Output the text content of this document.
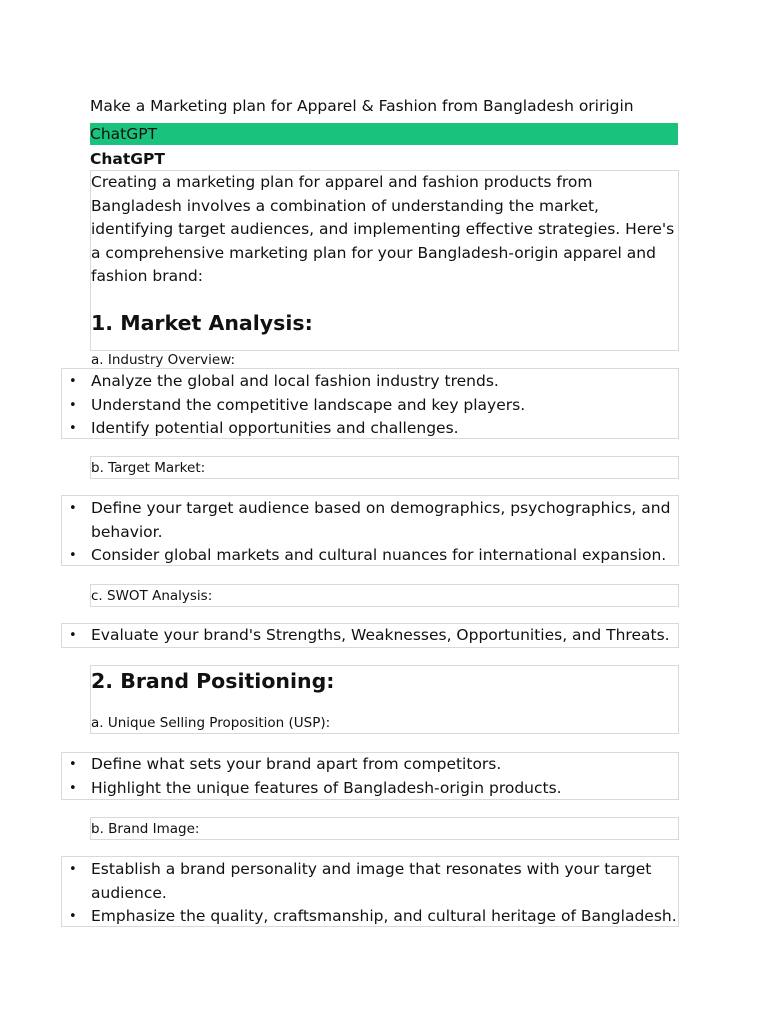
Make a Marketing plan for Apparel & Fashion from Bangladesh oririgin
ChatGPT
ChatGPT

Creating a marketing plan for apparel and fashion products from Bangladesh involves a combination of understanding the market, identifying target audiences, and implementing effective strategies. Here's a comprehensive marketing plan for your Bangladesh-origin apparel and fashion brand:

1. Market Analysis:
a. Industry Overview:
• Analyze the global and local fashion industry trends.
• Understand the competitive landscape and key players.
• Identify potential opportunities and challenges.
b. Target Market:
• Define your target audience based on demographics, psychographics, and behavior.
• Consider global markets and cultural nuances for international expansion.
c. SWOT Analysis:
• Evaluate your brand's Strengths, Weaknesses, Opportunities, and Threats.
2. Brand Positioning:
a. Unique Selling Proposition (USP):
• Define what sets your brand apart from competitors.
• Highlight the unique features of Bangladesh-origin products.
b. Brand Image:
• Establish a brand personality and image that resonates with your target audience.
• Emphasize the quality, craftsmanship, and cultural heritage of Bangladesh.
